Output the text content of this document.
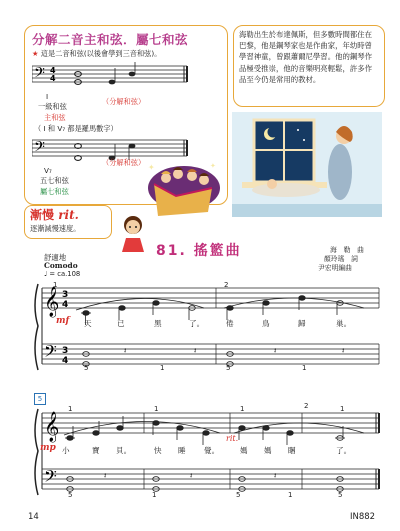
分解二音主和弦．屬七和弦
★ 這是二音和弦(以後會學到三音和弦)。
𝄢 4
4
I
一級和弦
（分解和弦）
主和弦
（ I 和 V₇ 都是羅馬數字）
𝄢
V₇
（分解和弦）
五七和弦
屬七和弦
海勒出生於布達佩斯，但多數時間都住在巴黎，他是鋼琴家也是作曲家，年幼時曾學習神童，曾跟蕭爾尼學習。他的鋼琴作品極受推崇，他的音樂明亮輕鬆，許多作品至今仍是常用的教材。
✦	✦
漸慢 rit.
逐漸減慢速度。
81. 搖籃曲
舒適地
Comodo
♩ = ca.108
海　勒　曲
顏玲瑤　詞
尹宏明編曲
𝄞
𝄢
3
4
3
4
𝄽	𝄽	𝄽	𝄽
1	2
mf 天	已	黑	了。	倦	鳥	歸	巢。
5	1	5	1
5
𝄞
𝄢	𝄽	𝄽	𝄽
1	1	1	2	1
mp
rit.
小	寶 貝。	快 睡 覺。	媽 媽 睏	了。
5	1	5	1	5
14	IN882
